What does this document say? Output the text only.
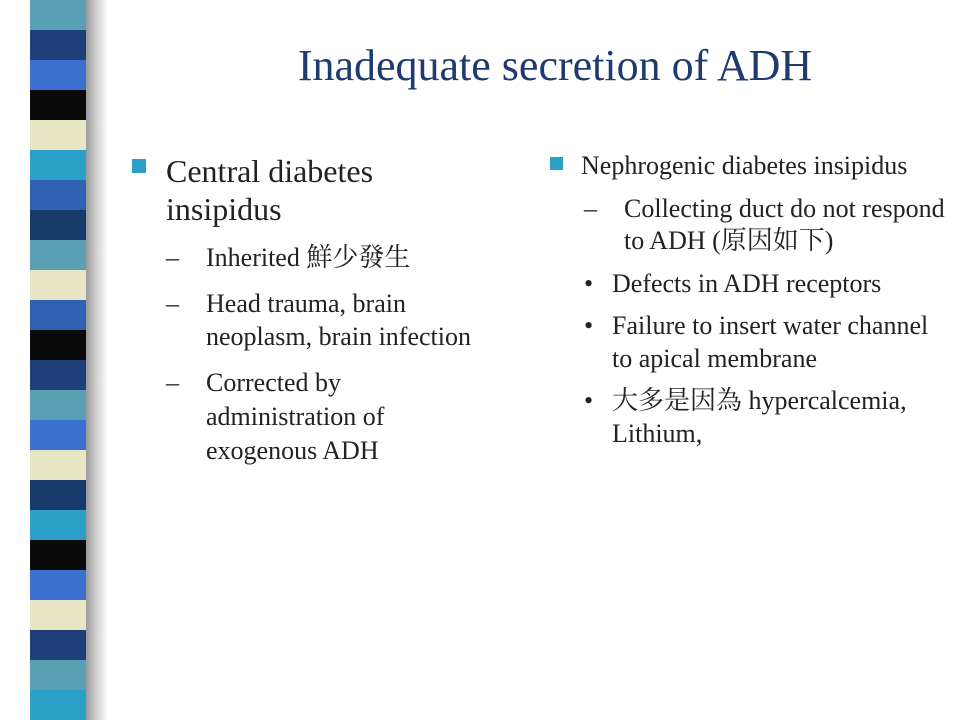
Inadequate secretion of ADH
Central diabetes insipidus
–	Inherited 鮮少發生
–	Head trauma, brain neoplasm, brain infection
–	Corrected by administration of exogenous ADH
Nephrogenic diabetes insipidus
–	Collecting duct do not respond to ADH (原因如下)
• Defects in ADH receptors
• Failure to insert water channel to apical membrane
• 大多是因為 hypercalcemia, Lithium,
